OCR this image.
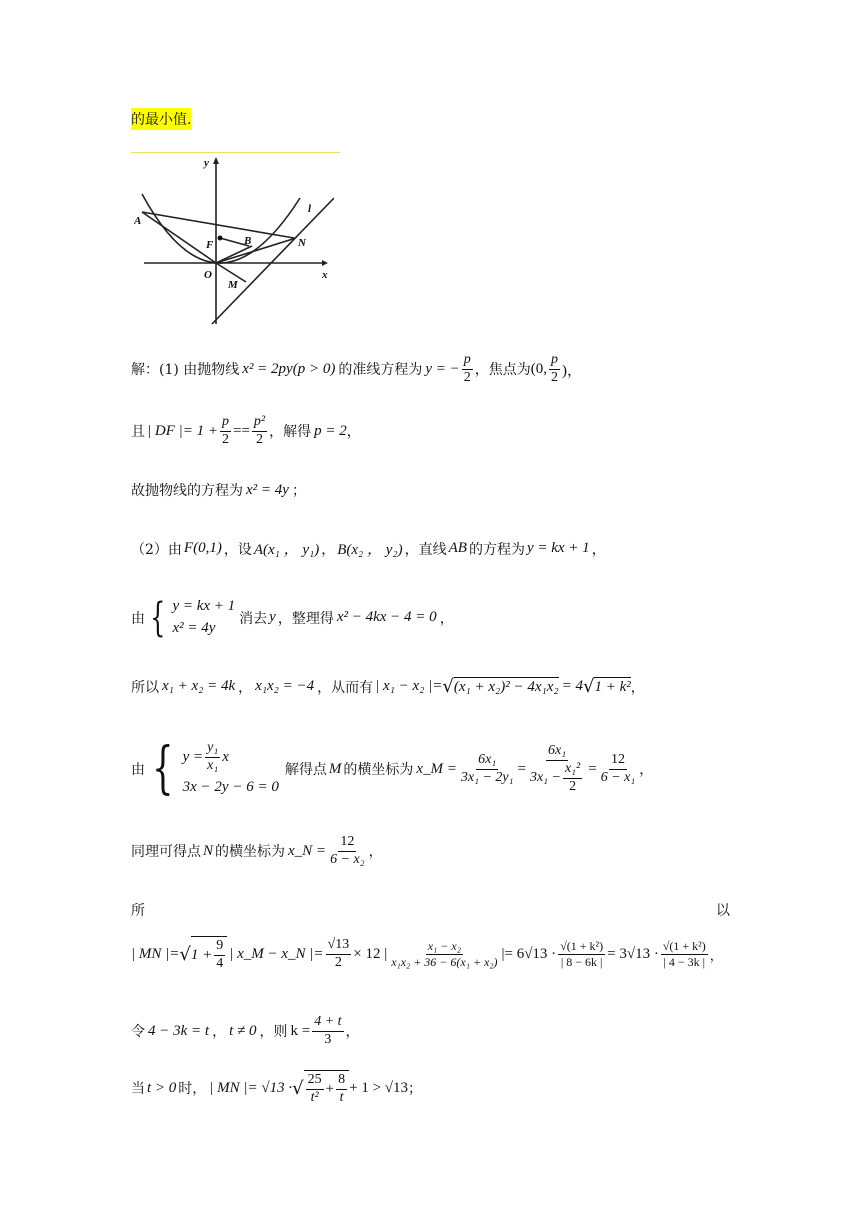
的最小值.
y
x
l
A
F	B	N
O
M
解：(1) 由抛物线 x² = 2py(p > 0) 的准线方程为 y = − $\frac{p}{2}$ ，焦点为 (0, $\frac{p}{2}$ )，
且 | DF |= $1 + \frac{p}{2} == \frac{\text{p²}}{2}$ ，解得 p = 2 ，
故抛物线的方程为 x² = 4y ；
（2）由 F(0,1) ，设 A(x₁ ， y₁) ， B(x₂ ， y₂) ，直线 AB 的方程为 y = kx + 1 ，
由 { y = kx + 1
x² = 4y
消去 y ，整理得 x² − 4kx − 4 = 0 ，
所以 x₁ + x₂ = 4k ， x₁x₂ = −4 ，从而有 | x₁ − x₂ |= √ (x₁ + x₂)² − 4x₁x₂ = 4 √ 1 + k² ，
由 { $y = \frac{\text{y₁}}{\text{x₁}}$ x
3x − 2y − 6 = 0
解得点 M 的横坐标为 x_M = $\frac{\text{6x₁}}{\text{3x₁ − 2y₁}} = \frac{\text{6x₁}}{3x_1 - \frac{\text{x₁²}}{2}} = \frac{12}{\text{6 − x₁}}$ ，
同理可得点 N 的横坐标为 x_N = $\frac{12}{\text{6 − x₂}}$ ，
所	以
| MN |= √ $1 + \frac{9}{4}$ | x_M − x_N |= $\frac{√13}{2} \times 12$ | $\frac{\text{x₁ − x₂}}{\text{x₁x₂ + 36 − 6(x₁ + x₂)}}$ |= $6√13 \cdot \frac{\text{√(1 + k²)}}{| 8 - 6k |} = 3√13 \cdot \frac{\text{√(1 + k²)}}{| 4 - 3k |}$ ，
令 4 − 3k = t ， t ≠ 0 ，则 $k = \frac{4 + t}{3}$ ，
当 t > 0 时， | MN |= √13 · √ $\frac{25}{\text{t²}} + \frac{8}{t} + 1 > √13$ ；
